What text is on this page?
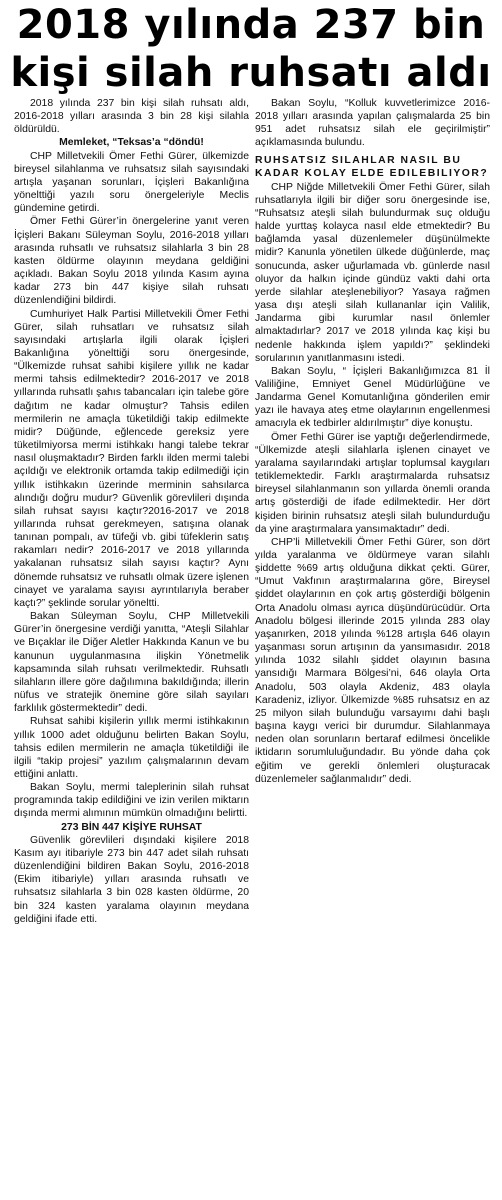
2018 yılında 237 bin
kişi silah ruhsatı aldı

2018 yılında 237 bin kişi silah ruhsatı aldı, 2016-2018 yılları arasında 3 bin 28 kişi silahla öldürüldü.

Memleket, “Teksas’a “döndü!

CHP Milletvekili Ömer Fethi Gürer, ülkemizde bireysel silahlanma ve ruhsatsız silah sayısındaki artışla yaşanan sorunları, İçişleri Bakanlığına yönelttiği yazılı soru önergeleriyle Meclis gündemine getirdi.

Ömer Fethi Gürer’in önergelerine yanıt veren İçişleri Bakanı Süleyman Soylu, 2016-2018 yılları arasında ruhsatlı ve ruhsatsız silahlarla 3 bin 28 kasten öldürme olayının meydana geldiğini açıkladı. Bakan Soylu 2018 yılında Kasım ayına kadar 273 bin 447 kişiye silah ruhsatı düzenlendiğini bildirdi.

Cumhuriyet Halk Partisi Milletvekili Ömer Fethi Gürer, silah ruhsatları ve ruhsatsız silah sayısındaki artışlarla ilgili olarak İçişleri Bakanlığına yönelttiği soru önergesinde, “Ülkemizde ruhsat sahibi kişilere yıllık ne kadar mermi tahsis edilmektedir? 2016-2017 ve 2018 yıllarında ruhsatlı şahıs tabancaları için talebe göre dağıtım ne kadar olmuştur? Tahsis edilen mermilerin ne amaçla tüketildiği takip edilmekte midir? Düğünde, eğlencede gereksiz yere tüketilmiyorsa mermi istihkakı hangi talebe tekrar nasıl oluşmaktadır? Birden farklı ilden mermi talebi açıldığı ve elektronik ortamda takip edilmediği için yıllık istihkakın üzerinde merminin sahsılarca alındığı doğru mudur? Güvenlik görevlileri dışında silah ruhsat sayısı kaçtır?2016-2017 ve 2018 yıllarında ruhsat gerekmeyen, satışına olanak tanınan pompalı, av tüfeği vb. gibi tüfeklerin satış rakamları nedir? 2016-2017 ve 2018 yıllarında yakalanan ruhsatsız silah sayısı kaçtır? Aynı dönemde ruhsatsız ve ruhsatlı olmak üzere işlenen cinayet ve yaralama sayısı ayrıntılarıyla beraber kaçtı?” şeklinde sorular yöneltti.

Bakan Süleyman Soylu, CHP Milletvekili Gürer’in önergesine verdiği yanıtta, “Ateşli Silahlar ve Bıçaklar ile Diğer Aletler Hakkında Kanun ve bu kanunun uygulanmasına ilişkin Yönetmelik kapsamında silah ruhsatı verilmektedir. Ruhsatlı silahların illere göre dağılımına bakıldığında; illerin nüfus ve stratejik önemine göre silah sayıları farklılık göstermektedir” dedi.

Ruhsat sahibi kişilerin yıllık mermi istihkakının yıllık 1000 adet olduğunu belirten Bakan Soylu, tahsis edilen mermilerin ne amaçla tüketildiği ile ilgili “takip projesi” yazılım çalışmalarının devam ettiğini anlattı.

Bakan Soylu, mermi taleplerinin silah ruhsat programında takip edildiğini ve izin verilen miktarın dışında mermi alımının mümkün olmadığını belirtti.

273 BİN 447 KİŞİYE RUHSAT

Güvenlik görevlileri dışındaki kişilere 2018 Kasım ayı itibariyle 273 bin 447 adet silah ruhsatı düzenlendiğini bildiren Bakan Soylu, 2016-2018 (Ekim itibariyle) yılları arasında ruhsatlı ve ruhsatsız silahlarla 3 bin 028 kasten öldürme, 20 bin 324 kasten yaralama olayının meydana geldiğini ifade etti.

Bakan Soylu, “Kolluk kuvvetlerimizce 2016-2018 yılları arasında yapılan çalışmalarda 25 bin 951 adet ruhsatsız silah ele geçirilmiştir” açıklamasında bulundu.

RUHSATSIZ SILAHLAR NASIL BU KADAR KOLAY ELDE EDILEBILIYOR?

CHP Niğde Milletvekili Ömer Fethi Gürer, silah ruhsatlarıyla ilgili bir diğer soru önergesinde ise, “Ruhsatsız ateşli silah bulundurmak suç olduğu halde yurttaş kolayca nasıl elde etmektedir? Bu bağlamda yasal düzenlemeler düşünülmekte midir? Kanunla yönetilen ülkede düğünlerde, maç sonucunda, asker uğurlamada vb. günlerde nasıl oluyor da halkın içinde gündüz vakti dahi orta yerde silahlar ateşlenebiliyor? Yasaya rağmen yasa dışı ateşli silah kullananlar için Valilik, Jandarma gibi kurumlar nasıl önlemler almaktadırlar? 2017 ve 2018 yılında kaç kişi bu nedenle hakkında işlem yapıldı?” şeklindeki sorularının yanıtlanmasını istedi.

Bakan Soylu, “ İçişleri Bakanlığımızca 81 İl Valiliğine, Emniyet Genel Müdürlüğüne ve Jandarma Genel Komutanlığına gönderilen emir yazı ile havaya ateş etme olaylarının engellenmesi amacıyla ek tedbirler aldırılmıştır” diye konuştu.

Ömer Fethi Gürer ise yaptığı değerlendirmede, “Ülkemizde ateşli silahlarla işlenen cinayet ve yaralama sayılarındaki artışlar toplumsal kaygıları tetiklemektedir. Farklı araştırmalarda ruhsatsız bireysel silahlanmanın son yıllarda önemli oranda artış gösterdiği de ifade edilmektedir. Her dört kişiden birinin ruhsatsız ateşli silah bulundurduğu da yine araştırmalara yansımaktadır” dedi.

CHP’li Milletvekili Ömer Fethi Gürer, son dört yılda yaralanma ve öldürmeye varan silahlı şiddette %69 artış olduğuna dikkat çekti. Gürer, “Umut Vakfının araştırmalarına göre, Bireysel şiddet olaylarının en çok artış gösterdiği bölgenin Orta Anadolu olması ayrıca düşündürücüdür. Orta Anadolu bölgesi illerinde 2015 yılında 283 olay yaşanırken, 2018 yılında %128 artışla 646 olayın yaşanması sorun artışının da yansımasıdır. 2018 yılında 1032 silahlı şiddet olayının basına yansıdığı Marmara Bölgesi’ni, 646 olayla Orta Anadolu, 503 olayla Akdeniz, 483 olayla Karadeniz, izliyor. Ülkemizde %85 ruhsatsız en az 25 milyon silah bulunduğu varsayımı dahi başlı başına kaygı verici bir durumdur. Silahlanmaya neden olan sorunların bertaraf edilmesi öncelikle iktidarın sorumluluğundadır. Bu yönde daha çok eğitim ve gerekli önlemleri oluşturacak düzenlemeler sağlanmalıdır” dedi.
